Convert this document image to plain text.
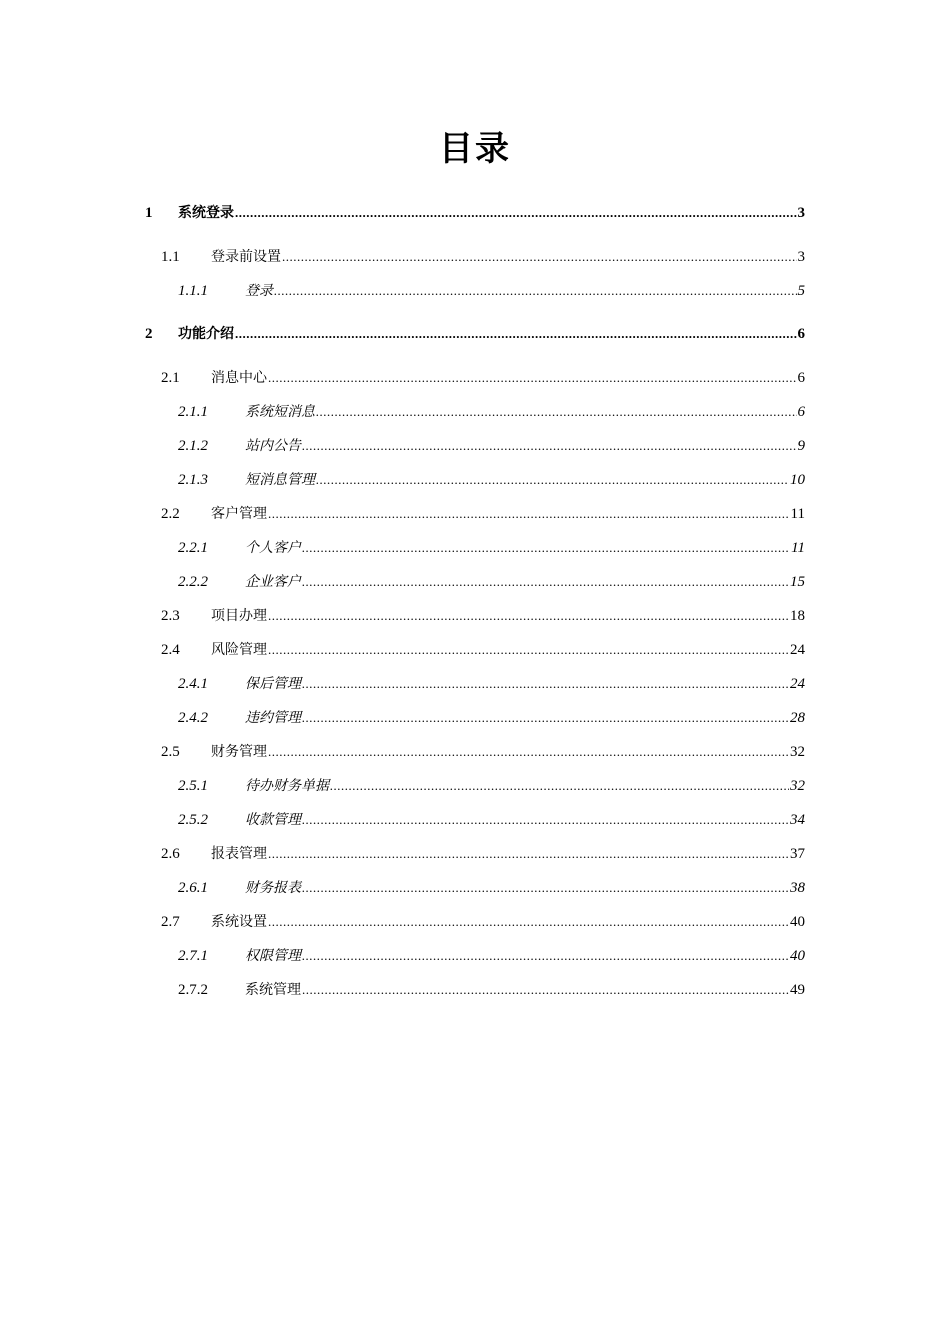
目录
1	系统登录 .....	3
1.1	登录前设置 .....	3
1.1.1	登录 .....	5
2	功能介绍 .....	6
2.1	消息中心 .....	6
2.1.1	系统短消息 .....	6
2.1.2	站内公告 .....	9
2.1.3	短消息管理 .....	10
2.2	客户管理 .....	11
2.2.1	个人客户 .....	11
2.2.2	企业客户 .....	15
2.3	项目办理 .....	18
2.4	风险管理 .....	24
2.4.1	保后管理 .....	24
2.4.2	违约管理 .....	28
2.5	财务管理 .....	32
2.5.1	待办财务单据 .....	32
2.5.2	收款管理 .....	34
2.6	报表管理 .....	37
2.6.1	财务报表 .....	38
2.7	系统设置 .....	40
2.7.1	权限管理 .....	40
2.7.2	系统管理 .....	49
